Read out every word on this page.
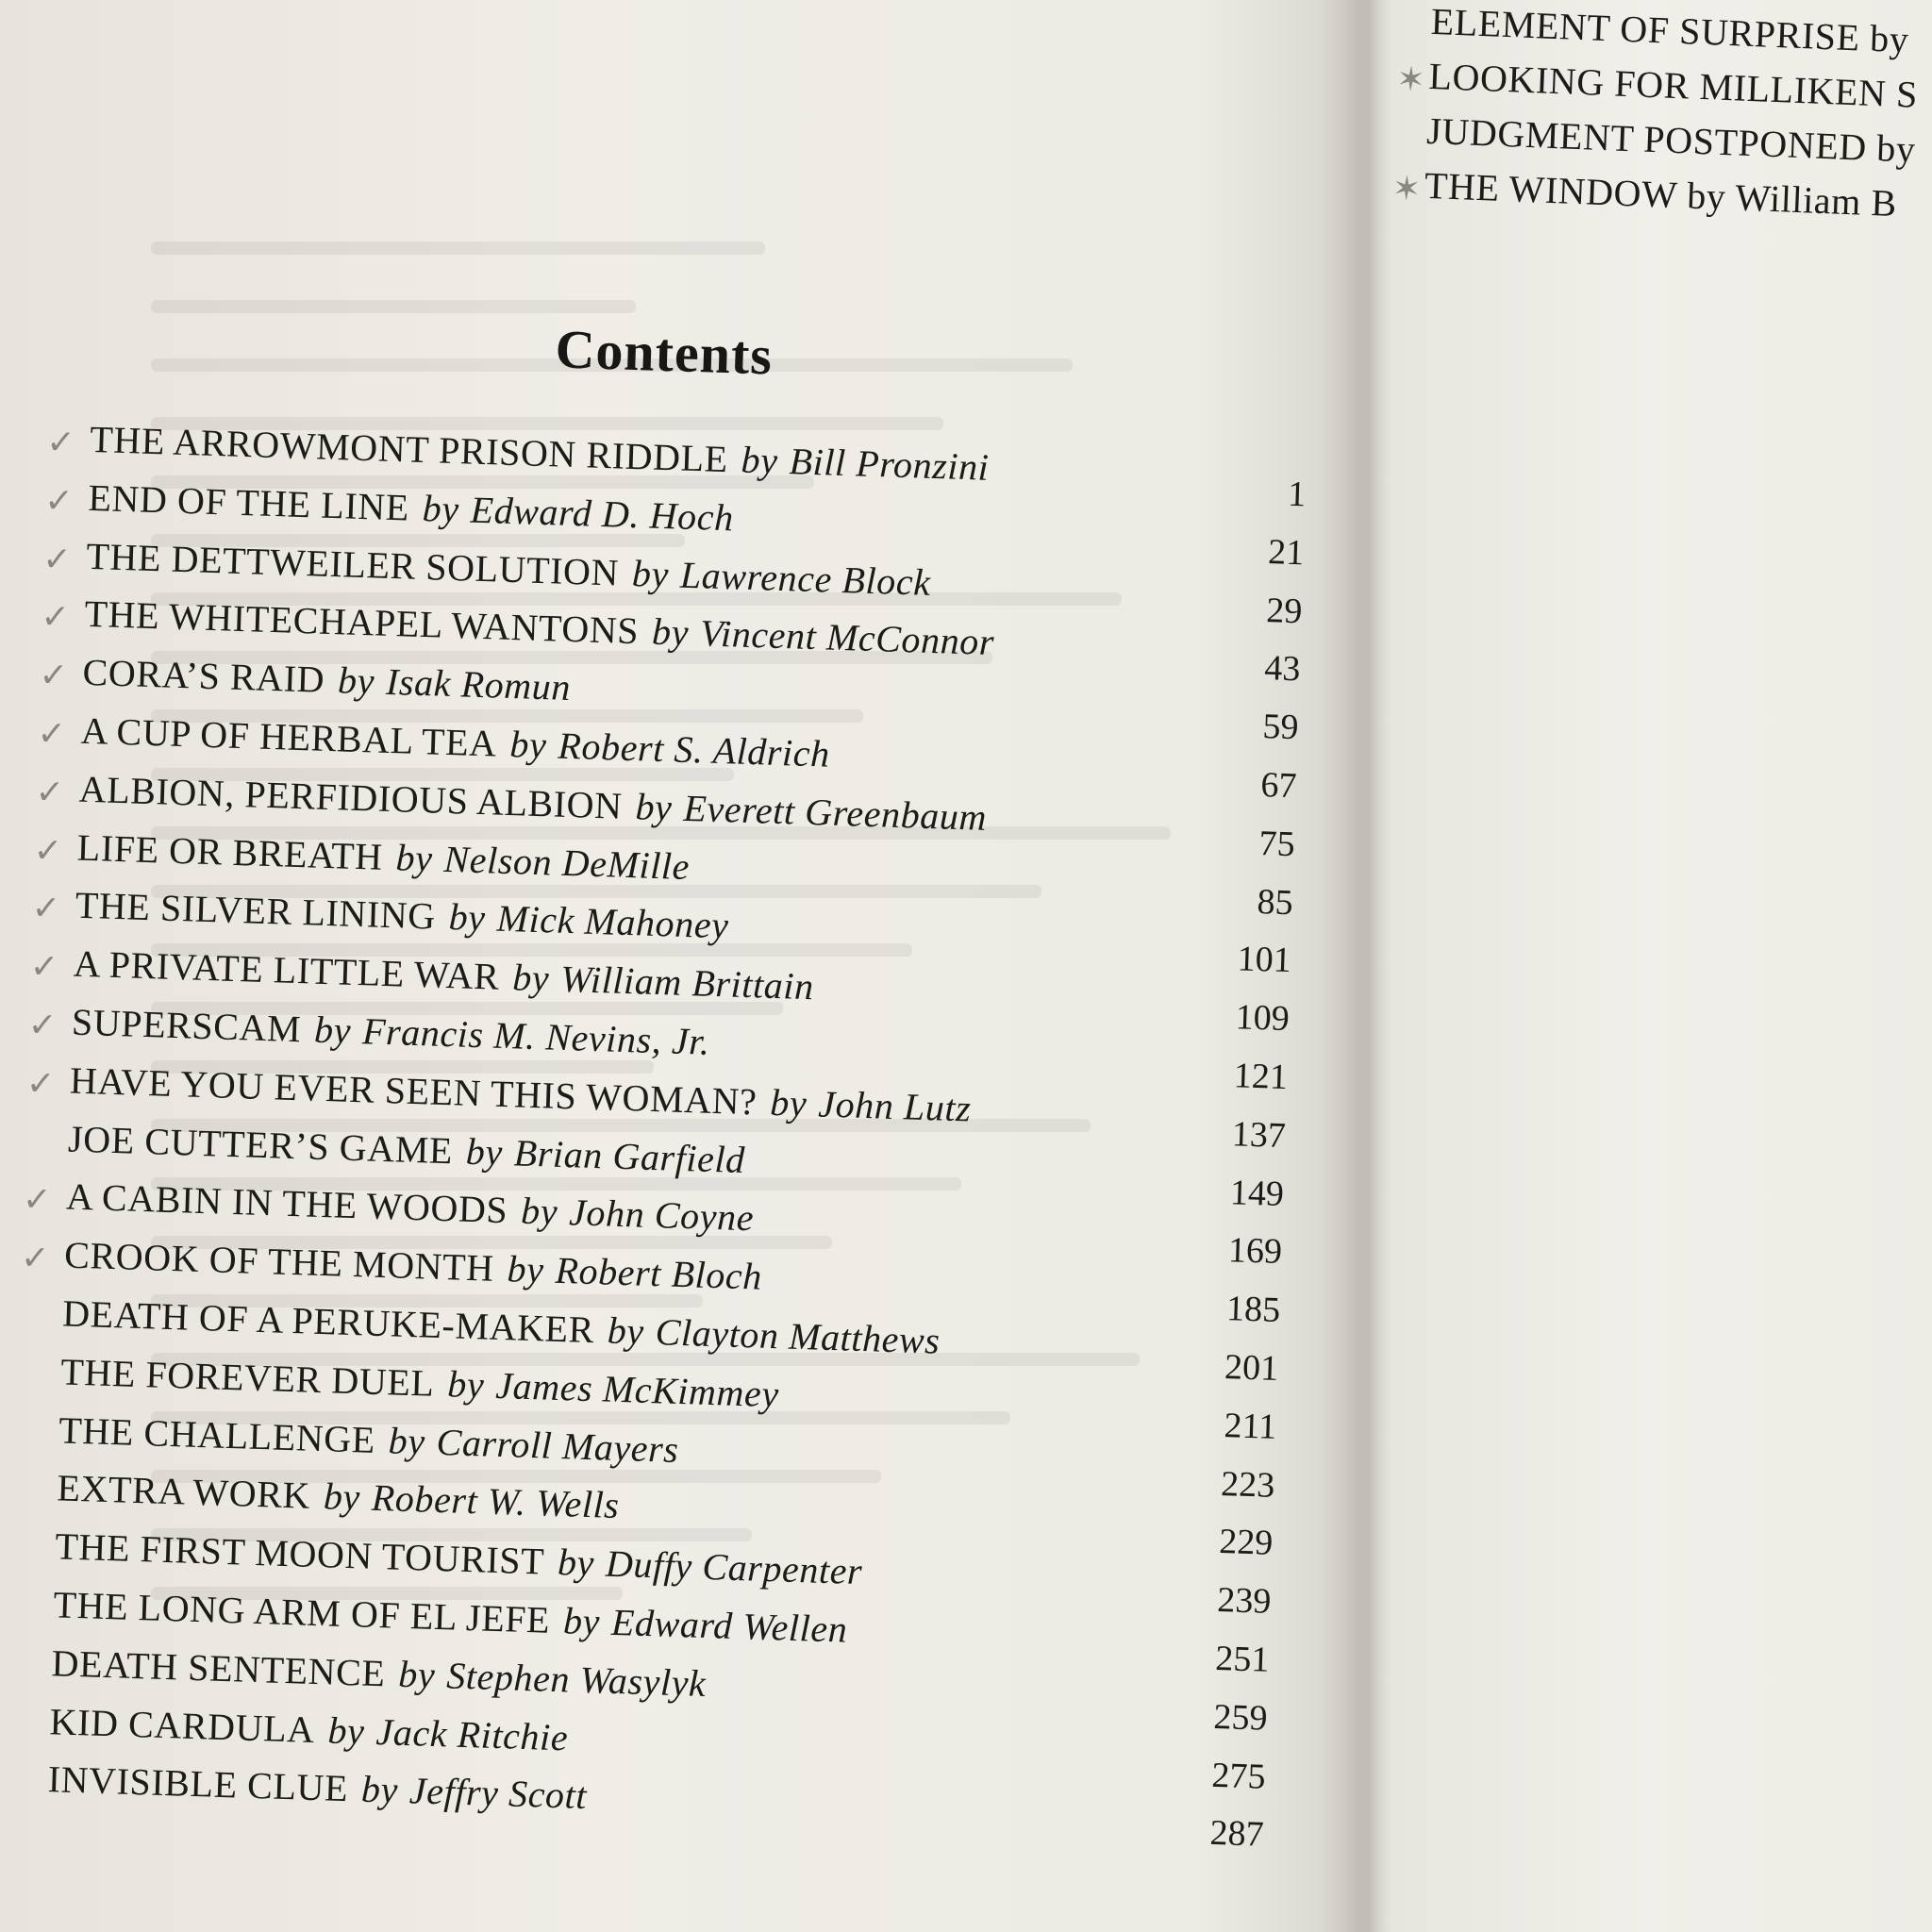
Contents
✓ THE ARROWMONT PRISON RIDDLE by Bill Pronzini
1
✓ END OF THE LINE by Edward D. Hoch
21
✓ THE DETTWEILER SOLUTION by Lawrence Block
29
✓ THE WHITECHAPEL WANTONS by Vincent McConnor
43
✓ CORA’S RAID by Isak Romun
59
✓ A CUP OF HERBAL TEA by Robert S. Aldrich
67
✓ ALBION, PERFIDIOUS ALBION by Everett Greenbaum
75
✓ LIFE OR BREATH by Nelson DeMille
85
✓ THE SILVER LINING by Mick Mahoney
101
✓ A PRIVATE LITTLE WAR by William Brittain
109
✓ SUPERSCAM by Francis M. Nevins, Jr.
121
✓ HAVE YOU EVER SEEN THIS WOMAN? by John Lutz
137
JOE CUTTER’S GAME by Brian Garfield
149
✓ A CABIN IN THE WOODS by John Coyne
169
✓ CROOK OF THE MONTH by Robert Bloch
185
DEATH OF A PERUKE-MAKER by Clayton Matthews
201
THE FOREVER DUEL by James McKimmey
211
THE CHALLENGE by Carroll Mayers
223
EXTRA WORK by Robert W. Wells
229
THE FIRST MOON TOURIST by Duffy Carpenter
239
THE LONG ARM OF EL JEFE by Edward Wellen
251
DEATH SENTENCE by Stephen Wasylyk
259
KID CARDULA by Jack Ritchie
275
INVISIBLE CLUE by Jeffry Scott
287
ELEMENT OF SURPRISE by
✶ LOOKING FOR MILLIKEN S
JUDGMENT POSTPONED by
✶ THE WINDOW by William B
